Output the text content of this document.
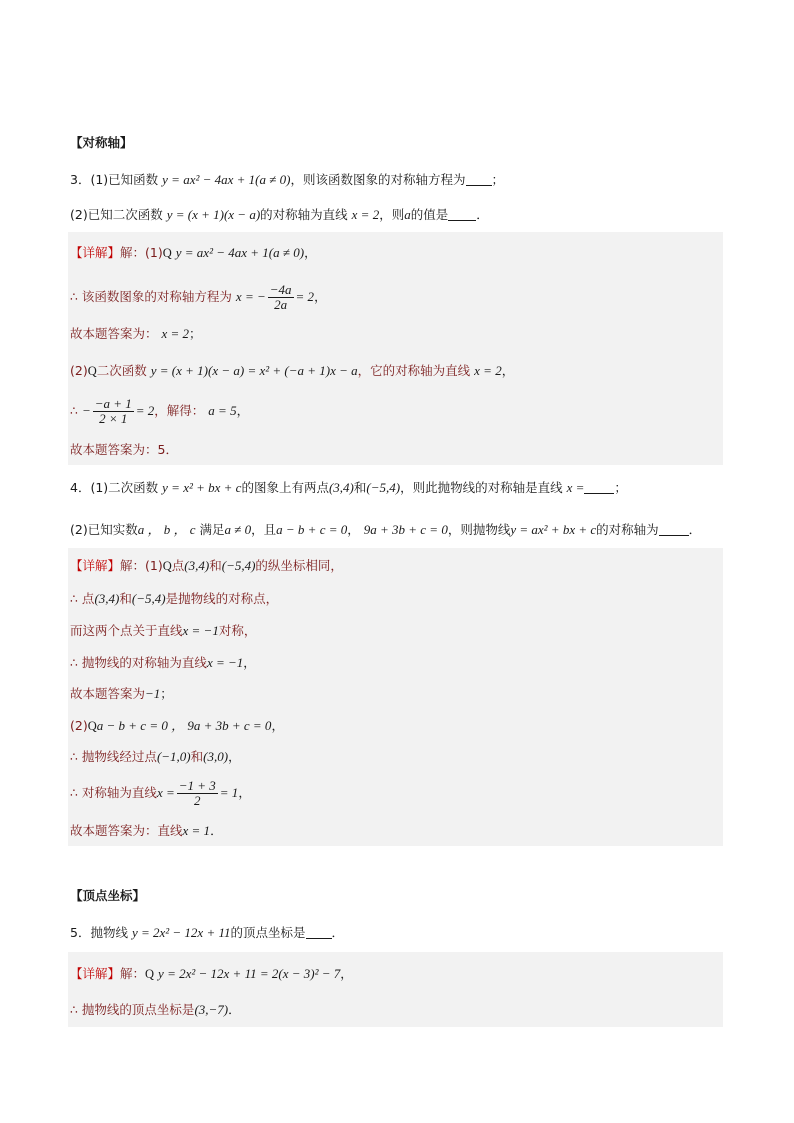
【对称轴】
3．(1)已知函数 y = ax² − 4ax + 1(a ≠ 0)，则该函数图象的对称轴方程为 ；
(2)已知二次函数 y = (x + 1)(x − a)的对称轴为直线 x = 2，则a的值是 ．
【详解】解：(1)Q y = ax² − 4ax + 1(a ≠ 0)，
∴ 该函数图象的对称轴方程为 x = − $\frac{-4a}{2a} = 2$，
故本题答案为： x = 2；
(2)Q二次函数 y = (x + 1)(x − a) = x² + (−a + 1)x − a，它的对称轴为直线 x = 2，
∴ − $\frac{-a + 1}{2 \times 1} = 2$，解得： a = 5，
故本题答案为：5．
4．(1)二次函数 y = x² + bx + c的图象上有两点(3,4)和(−5,4)，则此抛物线的对称轴是直线 x = ；
(2)已知实数a ， b ， c 满足a ≠ 0，且a − b + c = 0， 9a + 3b + c = 0，则抛物线y = ax² + bx + c的对称轴为 ．
【详解】解：(1)Q点(3,4)和(−5,4)的纵坐标相同，
∴ 点(3,4)和(−5,4)是抛物线的对称点，
而这两个点关于直线x = −1对称，
∴ 抛物线的对称轴为直线x = −1，
故本题答案为−1；
(2)Qa − b + c = 0 ， 9a + 3b + c = 0，
∴ 抛物线经过点(−1,0)和(3,0)，
∴ 对称轴为直线$x = \frac{-1 + 3}{2} = 1$，
故本题答案为：直线x = 1．
【顶点坐标】
5．抛物线 y = 2x² − 12x + 11的顶点坐标是 ．
【详解】解：Q y = 2x² − 12x + 11 = 2(x − 3)² − 7，
∴ 抛物线的顶点坐标是(3,−7)．
